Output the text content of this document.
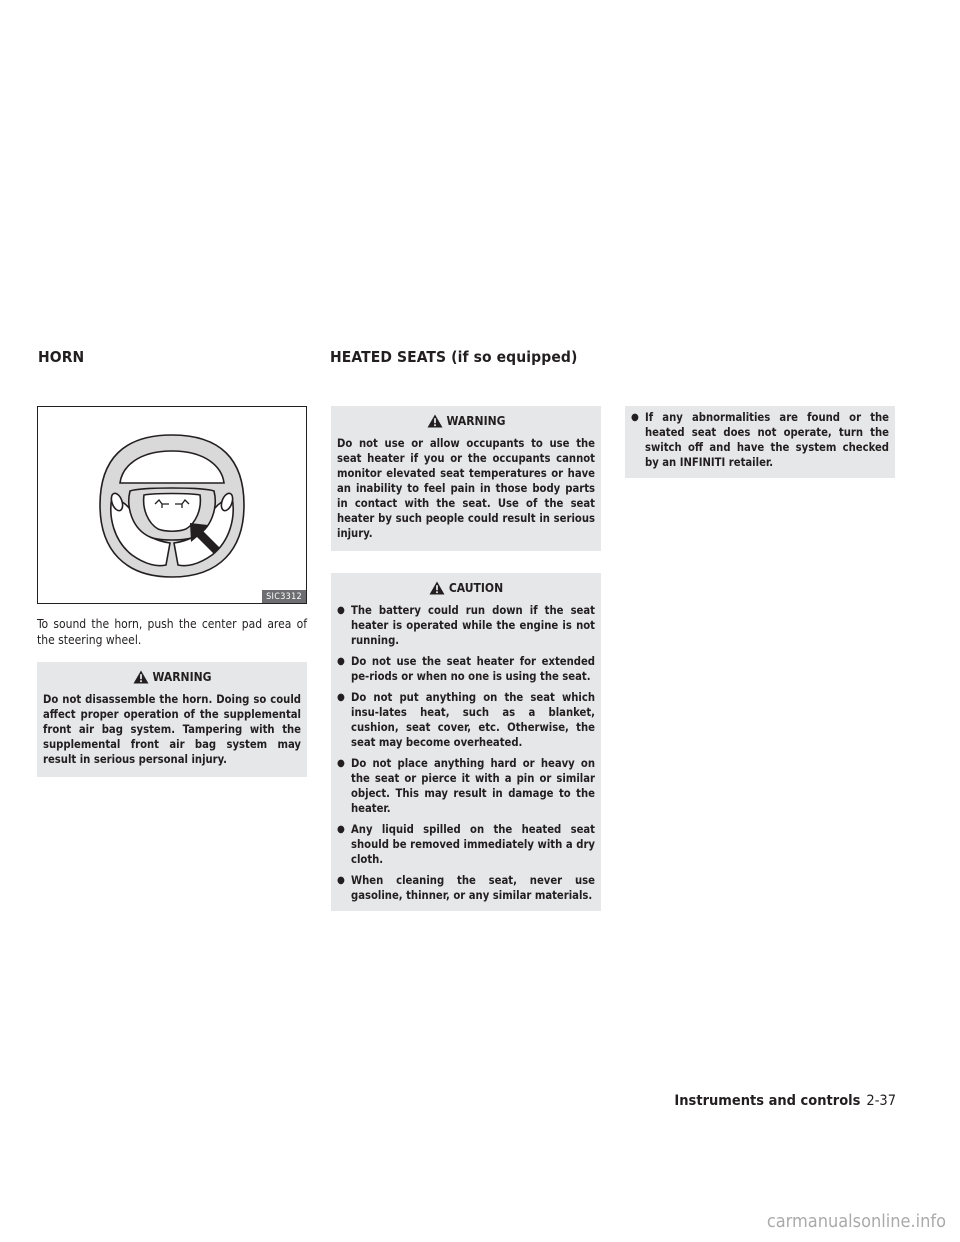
HORN	HEATED SEATS (if so equipped)
SIC3312

To sound the horn, push the center pad area of the steering wheel.

WARNING
Do not disassemble the horn. Doing so could affect proper operation of the supplemental front air bag system. Tampering with the supplemental front air bag system may result in serious personal injury.
WARNING
Do not use or allow occupants to use the seat heater if you or the occupants cannot monitor elevated seat temperatures or have an inability to feel pain in those body parts in contact with the seat. Use of the seat heater by such people could result in serious injury.
CAUTION
● The battery could run down if the seat heater is operated while the engine is not running.
● Do not use the seat heater for extended pe-riods or when no one is using the seat.
● Do not put anything on the seat which insu-lates heat, such as a blanket, cushion, seat cover, etc. Otherwise, the seat may become overheated.
● Do not place anything hard or heavy on the seat or pierce it with a pin or similar object. This may result in damage to the heater.
● Any liquid spilled on the heated seat should be removed immediately with a dry cloth.
● When cleaning the seat, never use gasoline, thinner, or any similar materials.
● If any abnormalities are found or the heated seat does not operate, turn the switch off and have the system checked by an INFINITI retailer.
Instruments and controls 2-37
carmanualsonline.info
